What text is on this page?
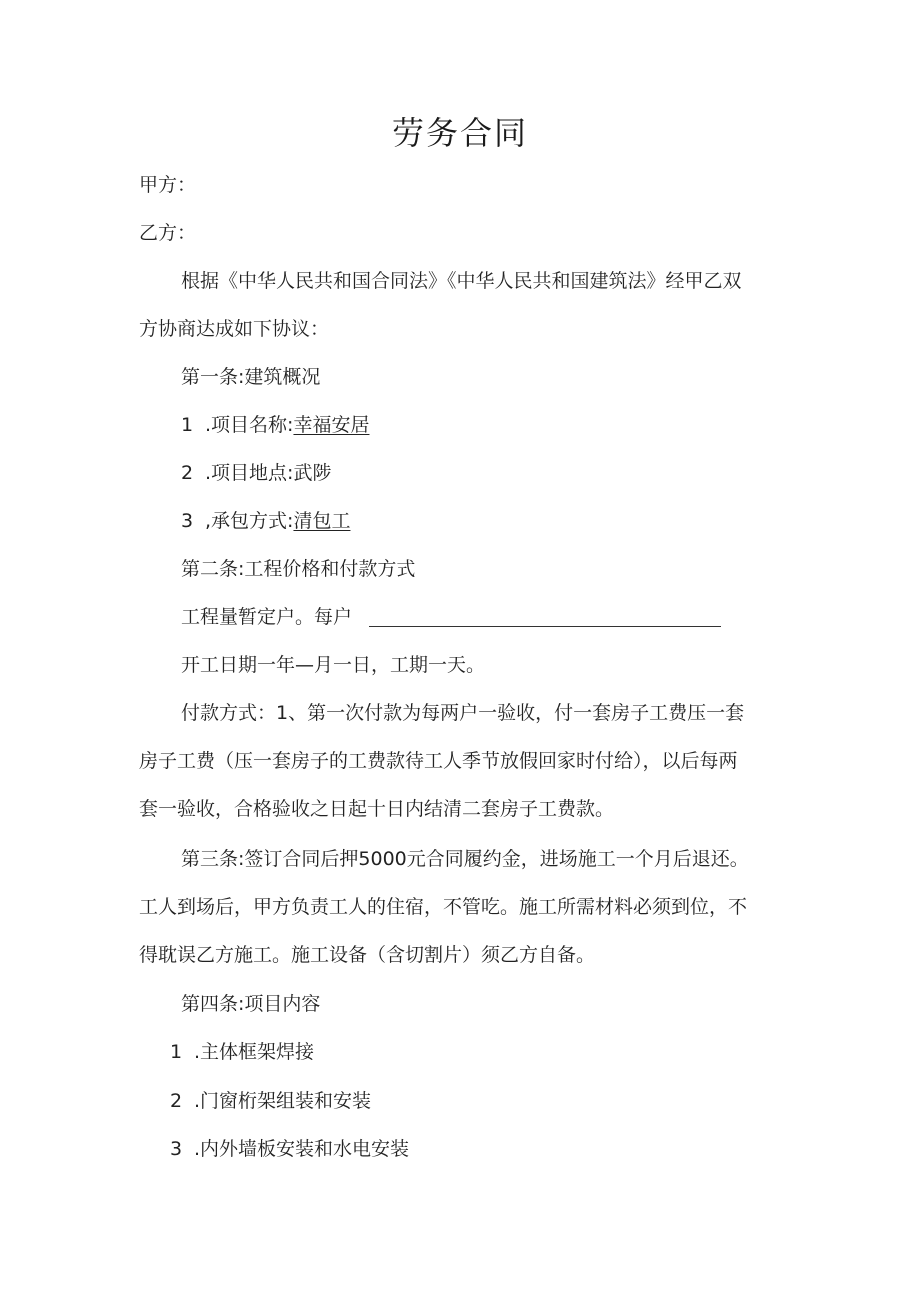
劳务合同
甲方：
乙方：
根据《中华人民共和国合同法》《中华人民共和国建筑法》经甲乙双
方协商达成如下协议：
第一条:建筑概况
1 .项目名称:幸福安居
2 .项目地点:武陟
3 ,承包方式:清包工
第二条:工程价格和付款方式
工程量暂定户。每户
开工日期一年—月一日，工期一天。
付款方式：1、第一次付款为每两户一验收，付一套房子工费压一套
房子工费（压一套房子的工费款待工人季节放假回家时付给），以后每两
套一验收，合格验收之日起十日内结清二套房子工费款。
第三条:签订合同后押5000元合同履约金，进场施工一个月后退还。
工人到场后，甲方负责工人的住宿，不管吃。施工所需材料必须到位，不
得耽误乙方施工。施工设备（含切割片）须乙方自备。
第四条:项目内容
1 .主体框架焊接
2 .门窗桁架组装和安装
3 .内外墙板安装和水电安装
